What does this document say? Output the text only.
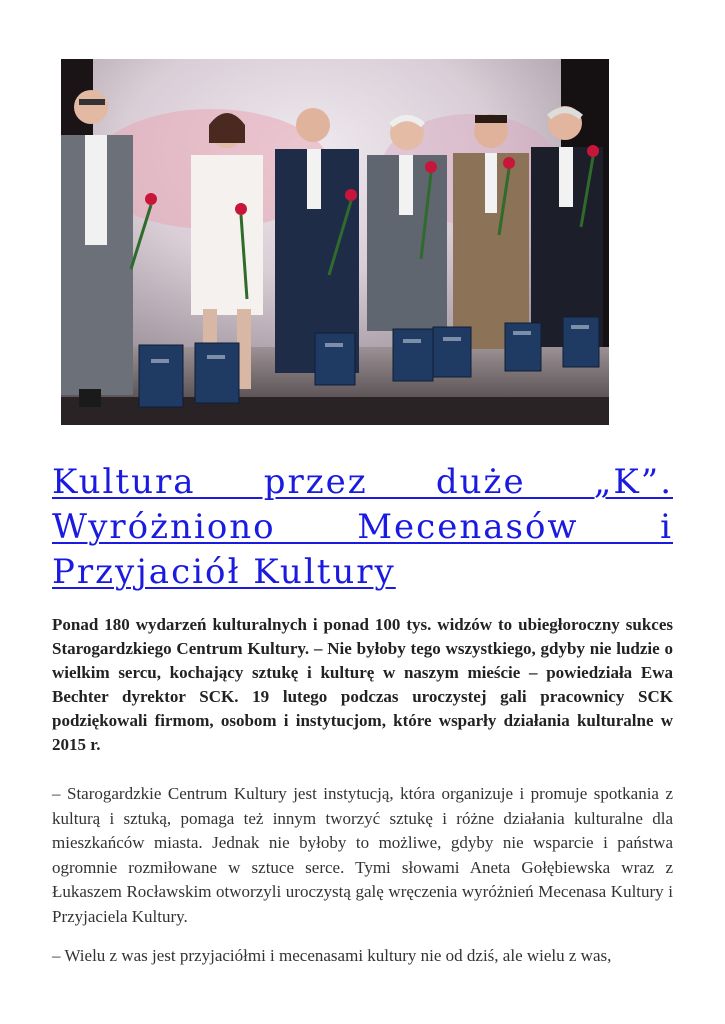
Kultura przez duże „K”. Wyróżniono Mecenasów i Przyjaciół Kultury

Ponad 180 wydarzeń kulturalnych i ponad 100 tys. widzów to ubiegłoroczny sukces Starogardzkiego Centrum Kultury. – Nie byłoby tego wszystkiego, gdyby nie ludzie o wielkim sercu, kochający sztukę i kulturę w naszym mieście – powiedziała Ewa Bechter dyrektor SCK. 19 lutego podczas uroczystej gali pracownicy SCK podziękowali firmom, osobom i instytucjom, które wsparły działania kulturalne w 2015 r.

– Starogardzkie Centrum Kultury jest instytucją, która organizuje i promuje spotkania z kulturą i sztuką, pomaga też innym tworzyć sztukę i różne działania kulturalne dla mieszkańców miasta. Jednak nie byłoby to możliwe, gdyby nie wsparcie i państwa ogromnie rozmiłowane w sztuce serce. Tymi słowami Aneta Gołębiewska wraz z Łukaszem Rocławskim otworzyli uroczystą galę wręczenia wyróżnień Mecenasa Kultury i Przyjaciela Kultury.

– Wielu z was jest przyjaciółmi i mecenasami kultury nie od dziś, ale wielu z was,
